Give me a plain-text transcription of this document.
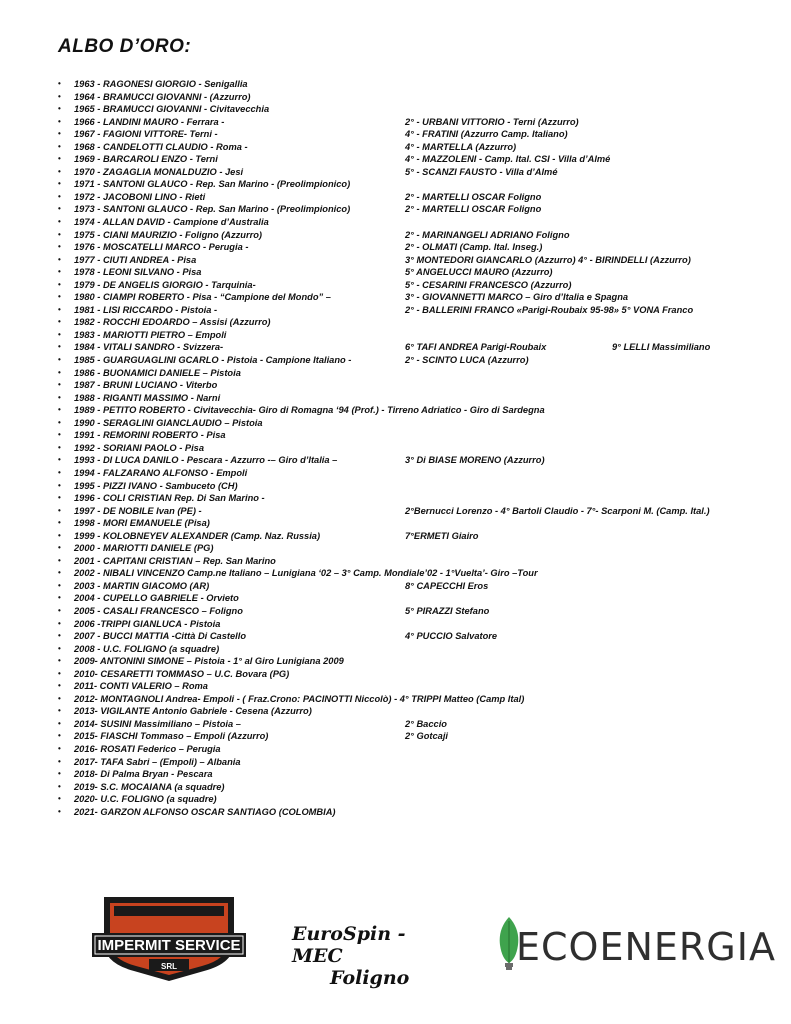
ALBO D’ORO:
• 1963 - RAGONESI GIORGIO - Senigallia
• 1964 - BRAMUCCI GIOVANNI - (Azzurro)
• 1965 - BRAMUCCI GIOVANNI - Civitavecchia
• 1966 - LANDINI MAURO - Ferrara -	2° - URBANI VITTORIO - Terni (Azzurro)
• 1967 - FAGIONI VITTORE- Terni -	4° - FRATINI (Azzurro Camp. Italiano)
• 1968 - CANDELOTTI CLAUDIO - Roma -	4° - MARTELLA (Azzurro)
• 1969 - BARCAROLI ENZO - Terni	4° - MAZZOLENI - Camp. Ital. CSI - Villa d’Almé
• 1970 - ZAGAGLIA MONALDUZIO - Jesi	5° - SCANZI FAUSTO - Villa d’Almé
• 1971 - SANTONI GLAUCO - Rep. San Marino - (Preolimpionico)
• 1972 - JACOBONI LINO - Rieti	2° - MARTELLI OSCAR Foligno
• 1973 - SANTONI GLAUCO - Rep. San Marino - (Preolimpionico)	2° - MARTELLI OSCAR Foligno
• 1974 - ALLAN DAVID - Campione d’Australia
• 1975 - CIANI MAURIZIO - Foligno (Azzurro)	2° - MARINANGELI ADRIANO Foligno
• 1976 - MOSCATELLI MARCO - Perugia -	2° - OLMATI (Camp. Ital. Inseg.)
• 1977 - CIUTI ANDREA - Pisa	3° MONTEDORI GIANCARLO (Azzurro) 4° - BIRINDELLI (Azzurro)
• 1978 - LEONI SILVANO - Pisa	5° ANGELUCCI MAURO (Azzurro)
• 1979 - DE ANGELIS GIORGIO - Tarquinia-	5° - CESARINI FRANCESCO (Azzurro)
• 1980 - CIAMPI ROBERTO - Pisa - “Campione del Mondo” –	3° - GIOVANNETTI MARCO – Giro d’Italia e Spagna
• 1981 - LISI RICCARDO - Pistoia -	2° - BALLERINI FRANCO «Parigi-Roubaix 95-98» 5° VONA Franco
• 1982 - ROCCHI EDOARDO – Assisi (Azzurro)
• 1983 - MARIOTTI PIETRO – Empoli
• 1984 - VITALI SANDRO - Svizzera-	6° TAFI ANDREA Parigi-Roubaix	9° LELLI Massimiliano
• 1985 - GUARGUAGLINI GCARLO - Pistoia - Campione Italiano -	2° - SCINTO LUCA (Azzurro)
• 1986 - BUONAMICI DANIELE – Pistoia
• 1987 - BRUNI LUCIANO - Viterbo
• 1988 - RIGANTI MASSIMO - Narni
• 1989 - PETITO ROBERTO - Civitavecchia- Giro di Romagna ‘94 (Prof.) - Tirreno Adriatico - Giro di Sardegna
• 1990 - SERAGLINI GIANCLAUDIO – Pistoia
• 1991 - REMORINI ROBERTO - Pisa
• 1992 - SORIANI PAOLO - Pisa
• 1993 - DI LUCA DANILO - Pescara - Azzurro -– Giro d’Italia –	3° Di BIASE MORENO (Azzurro)
• 1994 - FALZARANO ALFONSO - Empoli
• 1995 - PIZZI IVANO - Sambuceto (CH)
• 1996 - COLI CRISTIAN Rep. Di San Marino -
• 1997 - DE NOBILE Ivan (PE) -	2°Bernucci Lorenzo - 4° Bartoli Claudio - 7°- Scarponi M. (Camp. Ital.)
• 1998 - MORI EMANUELE (Pisa)
• 1999 - KOLOBNEYEV ALEXANDER (Camp. Naz. Russia)	7°ERMETI Giairo
• 2000 - MARIOTTI DANIELE (PG)
• 2001 - CAPITANI CRISTIAN – Rep. San Marino
• 2002 - NIBALI VINCENZO Camp.ne Italiano – Lunigiana ‘02 – 3° Camp. Mondiale’02 - 1°Vuelta’- Giro –Tour
• 2003 - MARTIN GIACOMO (AR)	8° CAPECCHI Eros
• 2004 - CUPELLO GABRIELE - Orvieto
• 2005 - CASALI FRANCESCO – Foligno	5° PIRAZZI Stefano
• 2006 -TRIPPI GIANLUCA - Pistoia
• 2007 - BUCCI MATTIA -Città Di Castello	4° PUCCIO Salvatore
• 2008 - U.C. FOLIGNO (a squadre)
• 2009- ANTONINI SIMONE – Pistoia - 1° al Giro Lunigiana 2009
• 2010- CESARETTI TOMMASO – U.C. Bovara (PG)
• 2011- CONTI VALERIO – Roma
• 2012- MONTAGNOLI Andrea- Empoli - ( Fraz.Crono: PACINOTTI Niccolò) - 4° TRIPPI Matteo (Camp Ital)
• 2013- VIGILANTE Antonio Gabriele - Cesena (Azzurro)
• 2014- SUSINI Massimiliano – Pistoia –	2° Baccio
• 2015- FIASCHI Tommaso – Empoli (Azzurro)	2° Gotcaji
• 2016- ROSATI Federico – Perugia
• 2017- TAFA Sabri – (Empoli) – Albania
• 2018- Di Palma Bryan - Pescara
• 2019- S.C. MOCAIANA (a squadre)
• 2020- U.C. FOLIGNO (a squadre)
• 2021- GARZON ALFONSO OSCAR SANTIAGO (COLOMBIA)
IMPERMIT SERVICE
SRL
EuroSpin - MEC
Foligno
ECOENERGIA
